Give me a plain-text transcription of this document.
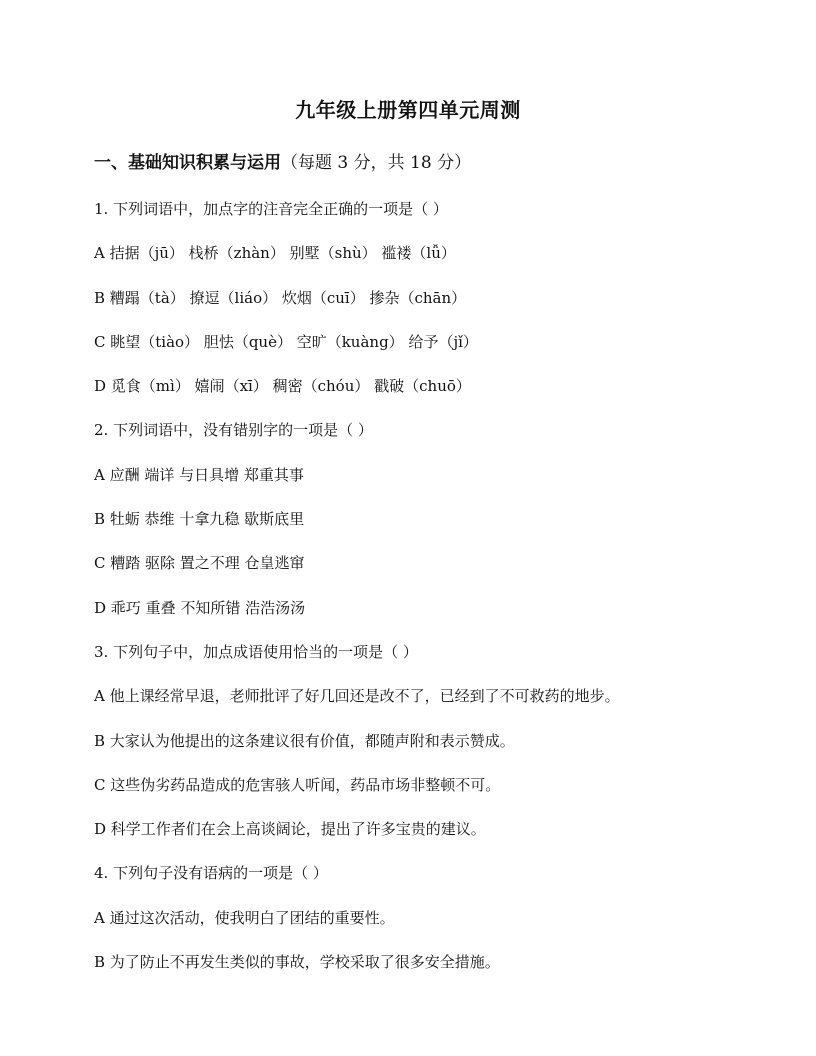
九年级上册第四单元周测
一、基础知识积累与运用（每题 3 分，共 18 分）
1. 下列词语中，加点字的注音完全正确的一项是（ ）
A 拮据（jū） 栈桥（zhàn） 别墅（shù） 褴褛（lǚ）
B 糟蹋（tà） 撩逗（liáo） 炊烟（cuī） 掺杂（chān）
C 眺望（tiào） 胆怯（què） 空旷（kuàng） 给予（jǐ）
D 觅食（mì） 嬉闹（xī） 稠密（chóu） 戳破（chuō）
2. 下列词语中，没有错别字的一项是（ ）
A 应酬 端详 与日具增 郑重其事
B 牡蛎 恭维 十拿九稳 歇斯底里
C 糟踏 驱除 置之不理 仓皇逃窜
D 乖巧 重叠 不知所错 浩浩汤汤
3. 下列句子中，加点成语使用恰当的一项是（ ）
A 他上课经常早退，老师批评了好几回还是改不了，已经到了不可救药的地步。
B 大家认为他提出的这条建议很有价值，都随声附和表示赞成。
C 这些伪劣药品造成的危害骇人听闻，药品市场非整顿不可。
D 科学工作者们在会上高谈阔论，提出了许多宝贵的建议。
4. 下列句子没有语病的一项是（ ）
A 通过这次活动，使我明白了团结的重要性。
B 为了防止不再发生类似的事故，学校采取了很多安全措施。
